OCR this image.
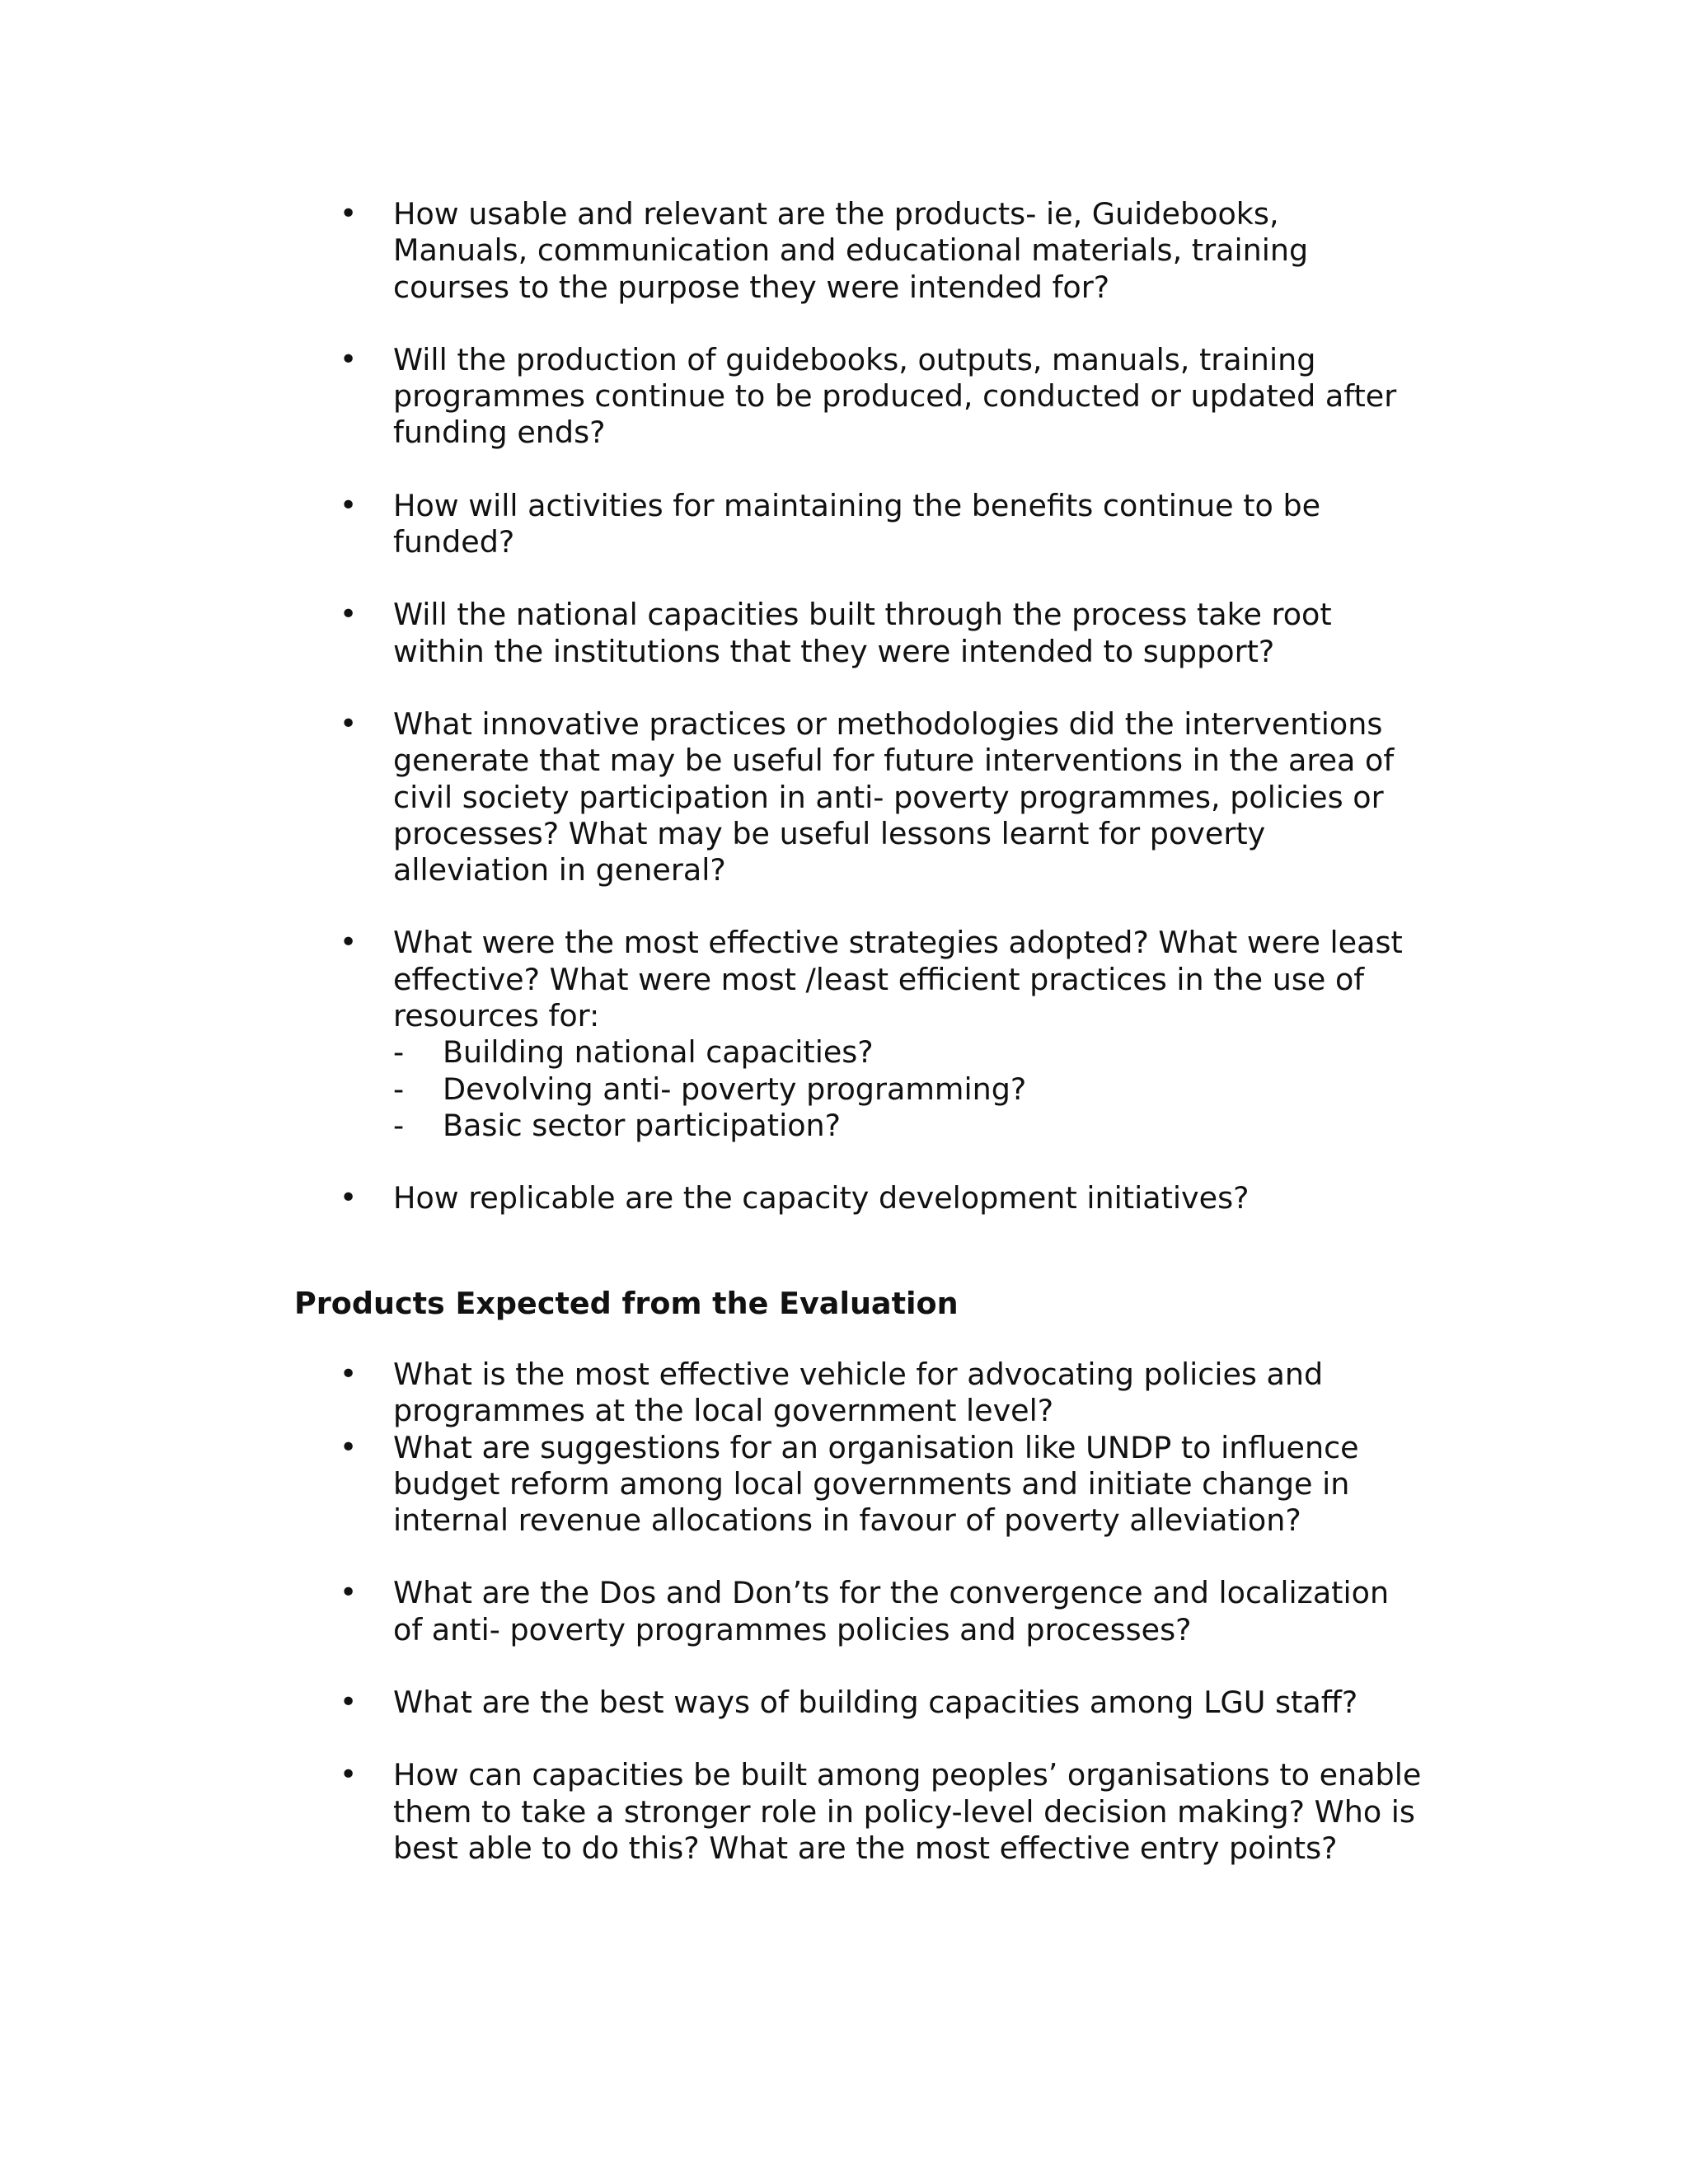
• How usable and relevant are the products- ie, Guidebooks,
Manuals, communication and educational materials, training
courses to the purpose they were intended for?
• Will the production of guidebooks, outputs, manuals, training
programmes continue to be produced, conducted or updated after
funding ends?
• How will activities for maintaining the benefits continue to be
funded?
• Will the national capacities built through the process take root
within the institutions that they were intended to support?
• What innovative practices or methodologies did the interventions
generate that may be useful for future interventions in the area of
civil society participation in anti- poverty programmes, policies or
processes? What may be useful lessons learnt for poverty
alleviation in general?
• What were the most effective strategies adopted? What were least
effective? What were most /least efficient practices in the use of
resources for:
- Building national capacities?
- Devolving anti- poverty programming?
- Basic sector participation?
• How replicable are the capacity development initiatives?
Products Expected from the Evaluation
• What is the most effective vehicle for advocating policies and
programmes at the local government level?
• What are suggestions for an organisation like UNDP to influence
budget reform among local governments and initiate change in
internal revenue allocations in favour of poverty alleviation?
• What are the Dos and Don’ts for the convergence and localization
of anti- poverty programmes policies and processes?
• What are the best ways of building capacities among LGU staff?
• How can capacities be built among peoples’ organisations to enable
them to take a stronger role in policy-level decision making? Who is
best able to do this? What are the most effective entry points?
